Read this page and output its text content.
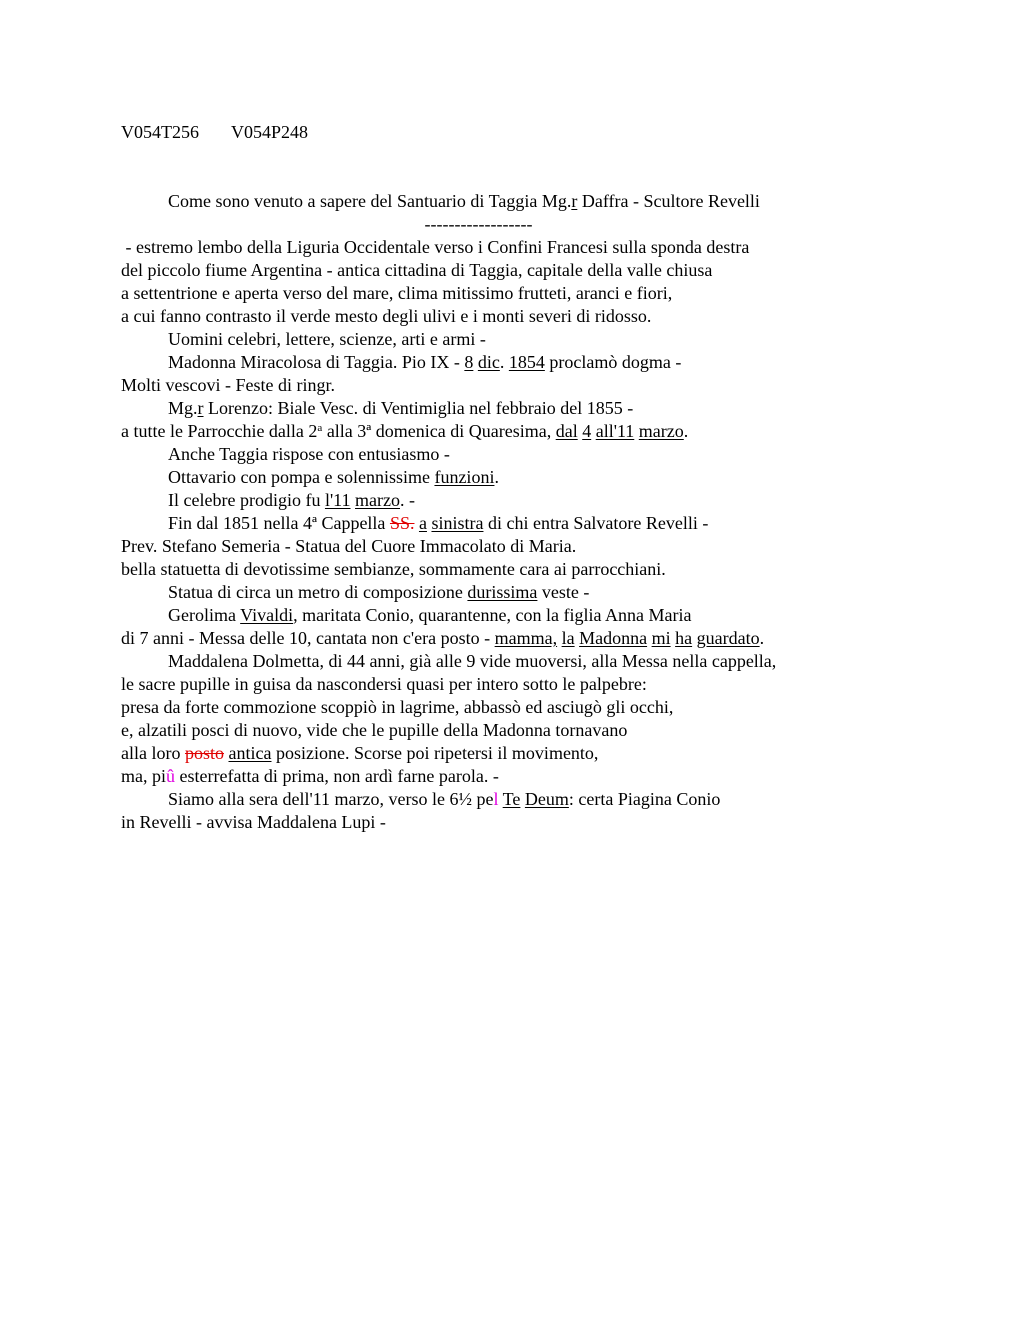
V054T256 V054P248
Come sono venuto a sapere del Santuario di Taggia Mg.r Daffra - Scultore Revelli
------------------
- estremo lembo della Liguria Occidentale verso i Confini Francesi sulla sponda destra
del piccolo fiume Argentina - antica cittadina di Taggia, capitale della valle chiusa
a settentrione e aperta verso del mare, clima mitissimo frutteti, aranci e fiori,
a cui fanno contrasto il verde mesto degli ulivi e i monti severi di ridosso.
Uomini celebri, lettere, scienze, arti e armi -
Madonna Miracolosa di Taggia. Pio IX - 8 dic. 1854 proclamò dogma -
Molti vescovi - Feste di ringr.
Mg.r Lorenzo: Biale Vesc. di Ventimiglia nel febbraio del 1855 -
a tutte le Parrocchie dalla 2$^a$ alla 3ª domenica di Quaresima, dal 4 all'11 marzo.
Anche Taggia rispose con entusiasmo -
Ottavario con pompa e solennissime funzioni.
Il celebre prodigio fu l'11 marzo. -
Fin dal 1851 nella 4ª Cappella SS. a sinistra di chi entra Salvatore Revelli -
Prev. Stefano Semeria - Statua del Cuore Immacolato di Maria.
bella statuetta di devotissime sembianze, sommamente cara ai parrocchiani.
Statua di circa un metro di composizione durissima veste -
Gerolima Vivaldi, maritata Conio, quarantenne, con la figlia Anna Maria
di 7 anni - Messa delle 10, cantata non c'era posto - mamma, la Madonna mi ha guardato.
Maddalena Dolmetta, di 44 anni, già alle 9 vide muoversi, alla Messa nella cappella,
le sacre pupille in guisa da nascondersi quasi per intero sotto le palpebre:
presa da forte commozione scoppiò in lagrime, abbassò ed asciugò gli occhi,
e, alzatili posci di nuovo, vide che le pupille della Madonna tornavano
alla loro posto antica posizione. Scorse poi ripetersi il movimento,
ma, piû esterrefatta di prima, non ardì farne parola. -
Siamo alla sera dell'11 marzo, verso le 6½ pel Te Deum: certa Piagina Conio
in Revelli - avvisa Maddalena Lupi -
